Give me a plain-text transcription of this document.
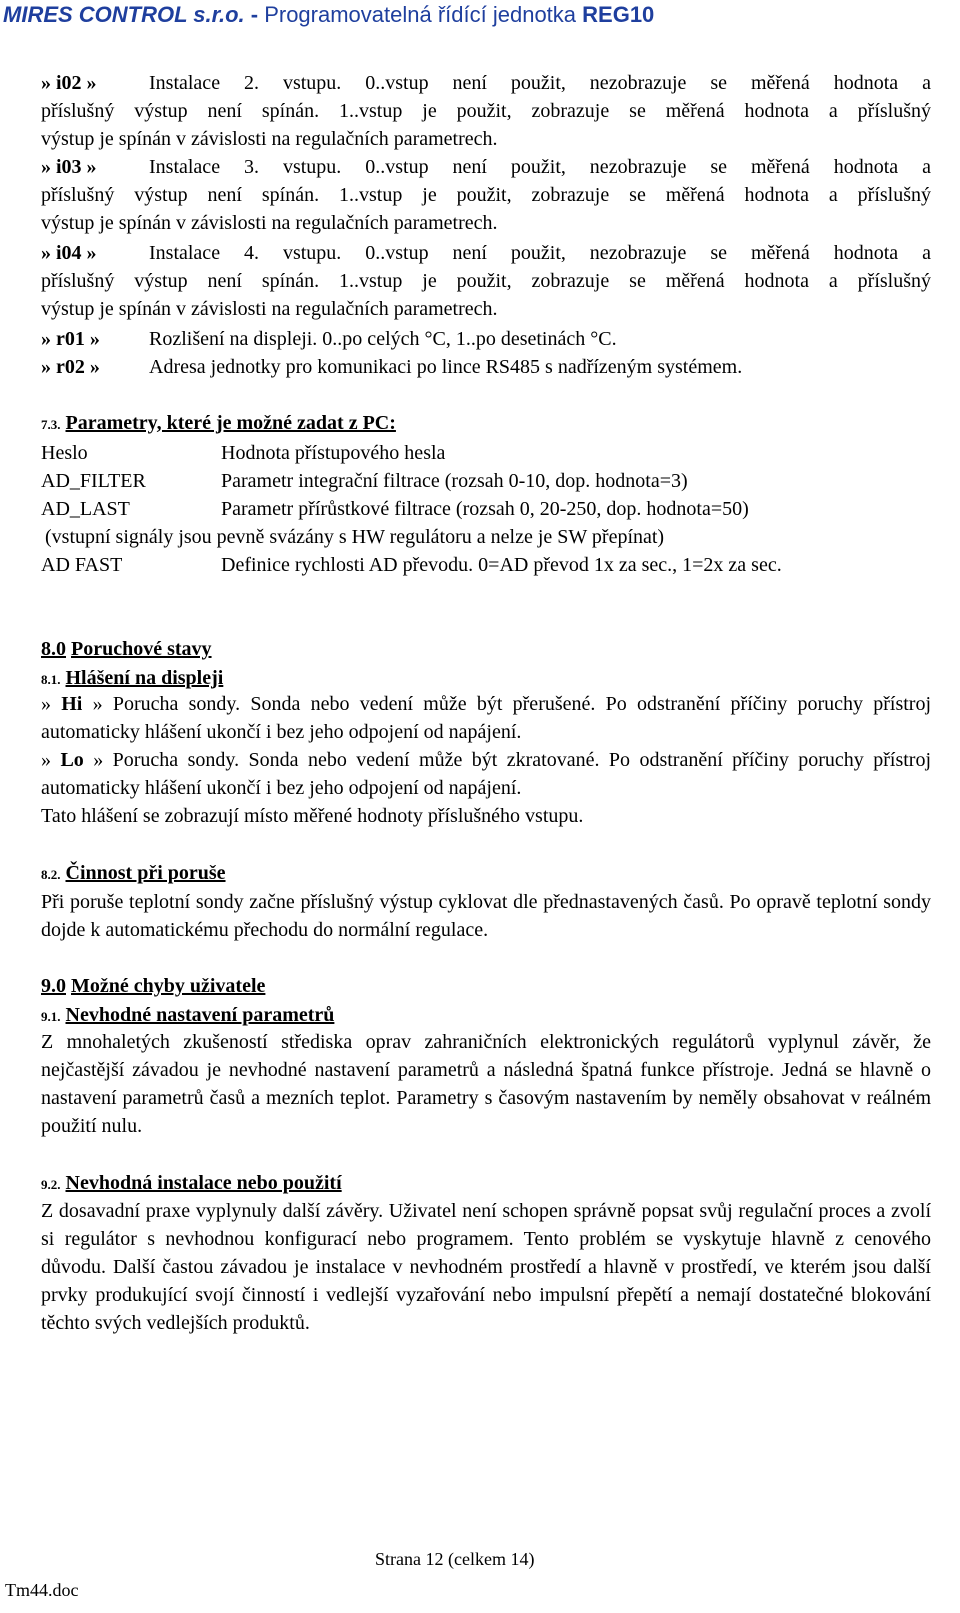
MIRES CONTROL s.r.o. - Programovatelná řídící jednotka REG10
» i02 »	Instalace 2. vstupu. 0..vstup není použit, nezobrazuje se měřená hodnota a
příslušný výstup není spínán. 1..vstup je použit, zobrazuje se měřená hodnota a příslušný
výstup je spínán v závislosti na regulačních parametrech.
» i03 »	Instalace 3. vstupu. 0..vstup není použit, nezobrazuje se měřená hodnota a
příslušný výstup není spínán. 1..vstup je použit, zobrazuje se měřená hodnota a příslušný
výstup je spínán v závislosti na regulačních parametrech.
» i04 »	Instalace 4. vstupu. 0..vstup není použit, nezobrazuje se měřená hodnota a
příslušný výstup není spínán. 1..vstup je použit, zobrazuje se měřená hodnota a příslušný
výstup je spínán v závislosti na regulačních parametrech.
» r01 » Rozlišení na displeji. 0..po celých °C, 1..po desetinách °C.
» r02 » Adresa jednotky pro komunikaci po lince RS485 s nadřízeným systémem.
7.3. Parametry, které je možné zadat z PC:
Heslo	Hodnota přístupového hesla
AD_FILTER	Parametr integrační filtrace (rozsah 0-10, dop. hodnota=3)
AD_LAST	Parametr přírůstkové filtrace (rozsah 0, 20-250, dop. hodnota=50)
(vstupní signály jsou pevně svázány s HW regulátoru a nelze je SW přepínat)
AD FAST	Definice rychlosti AD převodu. 0=AD převod 1x za sec., 1=2x za sec.
8.0 Poruchové stavy
8.1. Hlášení na displeji
» Hi » Porucha sondy. Sonda nebo vedení může být přerušené. Po odstranění příčiny poruchy přístroj automaticky hlášení ukončí i bez jeho odpojení od napájení.
» Lo » Porucha sondy. Sonda nebo vedení může být zkratované. Po odstranění příčiny poruchy přístroj automaticky hlášení ukončí i bez jeho odpojení od napájení.
Tato hlášení se zobrazují místo měřené hodnoty příslušného vstupu.
8.2. Činnost při poruše
Při poruše teplotní sondy začne příslušný výstup cyklovat dle přednastavených časů. Po opravě teplotní sondy dojde k automatickému přechodu do normální regulace.
9.0 Možné chyby uživatele
9.1. Nevhodné nastavení parametrů
Z mnohaletých zkušeností střediska oprav zahraničních elektronických regulátorů vyplynul závěr, že nejčastější závadou je nevhodné nastavení parametrů a následná špatná funkce přístroje. Jedná se hlavně o nastavení parametrů časů a mezních teplot. Parametry s časovým nastavením by neměly obsahovat v reálném použití nulu.
9.2. Nevhodná instalace nebo použití
Z dosavadní praxe vyplynuly další závěry. Uživatel není schopen správně popsat svůj regulační proces a zvolí si regulátor s nevhodnou konfigurací nebo programem. Tento problém se vyskytuje hlavně z cenového důvodu. Další častou závadou je instalace v nevhodném prostředí a hlavně v prostředí, ve kterém jsou další prvky produkující svojí činností i vedlejší vyzařování nebo impulsní přepětí a nemají dostatečné blokování těchto svých vedlejších produktů.
Strana 12 (celkem 14)
Tm44.doc
